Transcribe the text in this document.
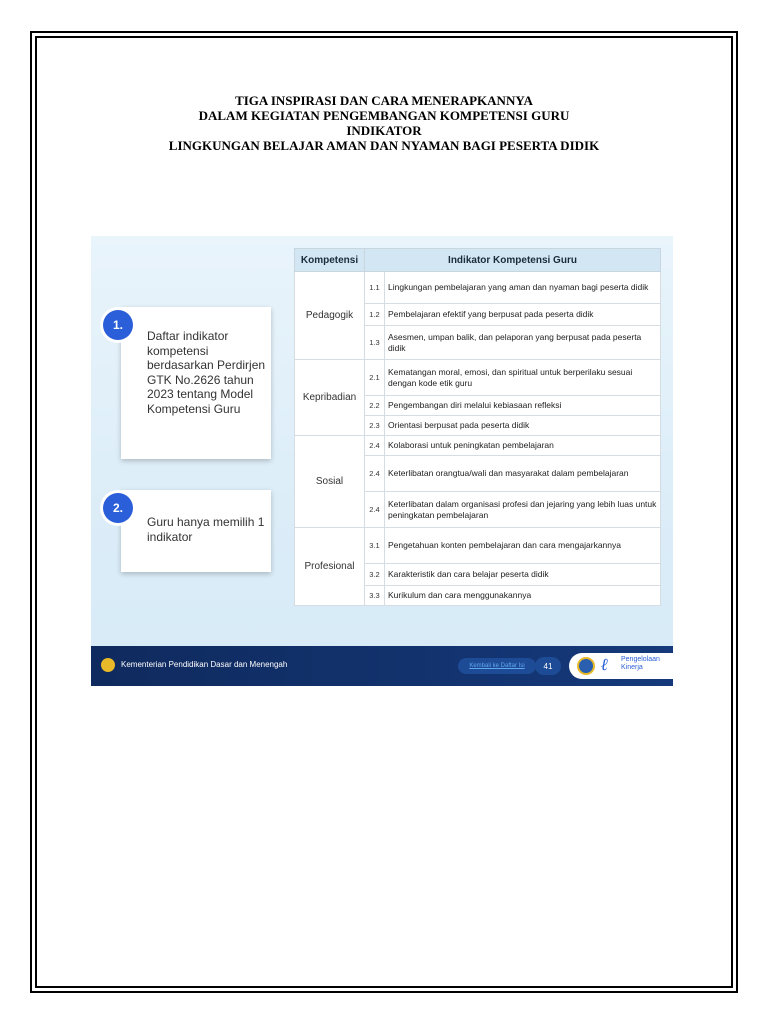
TIGA INSPIRASI DAN CARA MENERAPKANNYA
DALAM KEGIATAN PENGEMBANGAN KOMPETENSI GURU
INDIKATOR
LINGKUNGAN BELAJAR AMAN DAN NYAMAN BAGI PESERTA DIDIK
Daftar indikator kompetensi berdasarkan Perdirjen GTK No.2626 tahun 2023 tentang Model Kompetensi Guru
1.
Guru hanya memilih 1 indikator
2.
Kompetensi	Indikator Kompetensi Guru	
Pedagogik	1.1	Lingkungan pembelajaran yang aman dan nyaman bagi peserta didik
	1.2	Pembelajaran efektif yang berpusat pada peserta didik
	1.3	Asesmen, umpan balik, dan pelaporan yang berpusat pada peserta didik
Kepribadian	2.1	Kematangan moral, emosi, dan spiritual untuk berperilaku sesuai dengan kode etik guru
	2.2	Pengembangan diri melalui kebiasaan refleksi
	2.3	Orientasi berpusat pada peserta didik
Sosial	2.4	Kolaborasi untuk peningkatan pembelajaran
	2.4	Keterlibatan orangtua/wali dan masyarakat dalam pembelajaran
	2.4	Keterlibatan dalam organisasi profesi dan jejaring yang lebih luas untuk peningkatan pembelajaran
Profesional	3.1	Pengetahuan konten pembelajaran dan cara mengajarkannya
	3.2	Karakteristik dan cara belajar peserta didik
	3.3	Kurikulum dan cara menggunakannya
Kementerian Pendidikan Dasar dan Menengah	Kembali ke Daftar Isi	41	ℓ Pengelolaan
Kinerja
